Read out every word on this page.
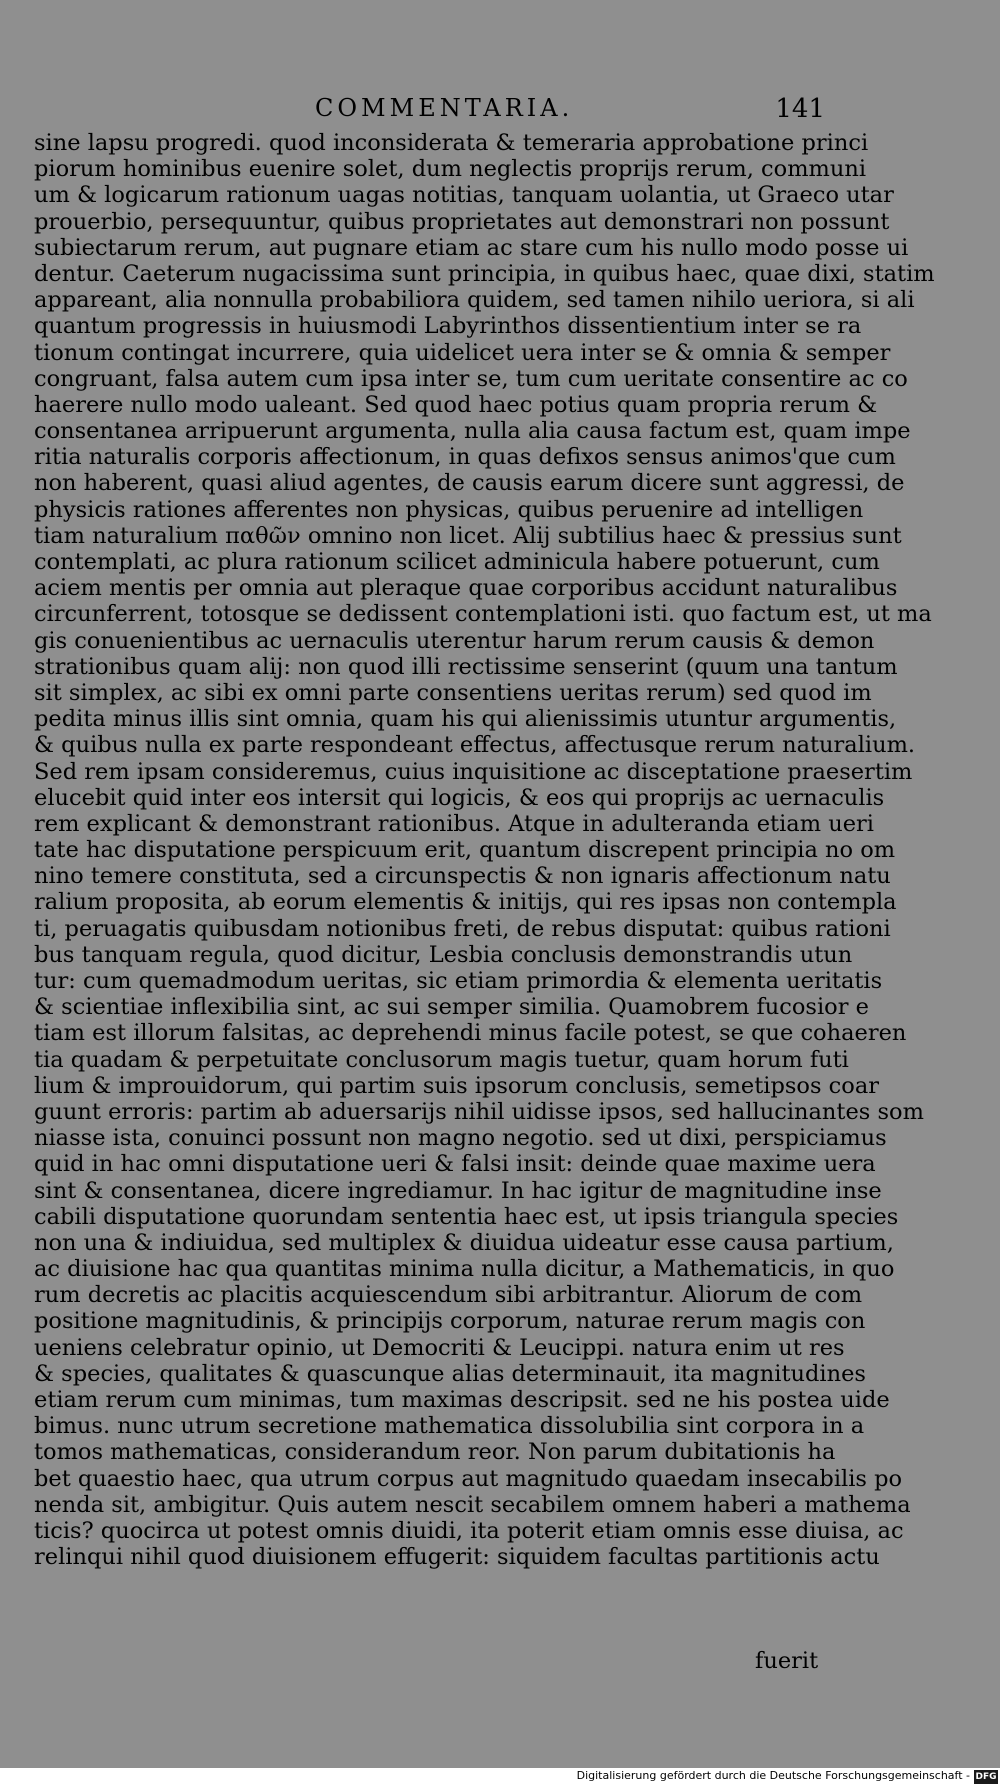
COMMENTARIA.	141
sine lapsu progredi. quod inconsiderata & temeraria approbatione princi
piorum hominibus euenire solet, dum neglectis proprijs rerum, communi
um & logicarum rationum uagas notitias, tanquam uolantia, ut Graeco utar
prouerbio, persequuntur, quibus proprietates aut demonstrari non possunt
subiectarum rerum, aut pugnare etiam ac stare cum his nullo modo posse ui
dentur. Caeterum nugacissima sunt principia, in quibus haec, quae dixi, statim
appareant, alia nonnulla probabiliora quidem, sed tamen nihilo ueriora, si ali
quantum progressis in huiusmodi Labyrinthos dissentientium inter se ra
tionum contingat incurrere, quia uidelicet uera inter se & omnia & semper
congruant, falsa autem cum ipsa inter se, tum cum ueritate consentire ac co
haerere nullo modo ualeant. Sed quod haec potius quam propria rerum &
consentanea arripuerunt argumenta, nulla alia causa factum est, quam impe
ritia naturalis corporis affectionum, in quas defixos sensus animos'que cum
non haberent, quasi aliud agentes, de causis earum dicere sunt aggressi, de
physicis rationes afferentes non physicas, quibus peruenire ad intelligen
tiam naturalium παθῶν omnino non licet. Alij subtilius haec & pressius sunt
contemplati, ac plura rationum scilicet adminicula habere potuerunt, cum
aciem mentis per omnia aut pleraque quae corporibus accidunt naturalibus
circunferrent, totosque se dedissent contemplationi isti. quo factum est, ut ma
gis conuenientibus ac uernaculis uterentur harum rerum causis & demon
strationibus quam alij: non quod illi rectissime senserint (quum una tantum
sit simplex, ac sibi ex omni parte consentiens ueritas rerum) sed quod im
pedita minus illis sint omnia, quam his qui alienissimis utuntur argumentis,
& quibus nulla ex parte respondeant effectus, affectusque rerum naturalium.
Sed rem ipsam consideremus, cuius inquisitione ac disceptatione praesertim
elucebit quid inter eos intersit qui logicis, & eos qui proprijs ac uernaculis
rem explicant & demonstrant rationibus. Atque in adulteranda etiam ueri
tate hac disputatione perspicuum erit, quantum discrepent principia no om
nino temere constituta, sed a circunspectis & non ignaris affectionum natu
ralium proposita, ab eorum elementis & initijs, qui res ipsas non contempla
ti, peruagatis quibusdam notionibus freti, de rebus disputat: quibus rationi
bus tanquam regula, quod dicitur, Lesbia conclusis demonstrandis utun
tur: cum quemadmodum ueritas, sic etiam primordia & elementa ueritatis
& scientiae inflexibilia sint, ac sui semper similia. Quamobrem fucosior e
tiam est illorum falsitas, ac deprehendi minus facile potest, se que cohaeren
tia quadam & perpetuitate conclusorum magis tuetur, quam horum futi
lium & improuidorum, qui partim suis ipsorum conclusis, semetipsos coar
guunt erroris: partim ab aduersarijs nihil uidisse ipsos, sed hallucinantes som
niasse ista, conuinci possunt non magno negotio. sed ut dixi, perspiciamus
quid in hac omni disputatione ueri & falsi insit: deinde quae maxime uera
sint & consentanea, dicere ingrediamur. In hac igitur de magnitudine inse
cabili disputatione quorundam sententia haec est, ut ipsis triangula species
non una & indiuidua, sed multiplex & diuidua uideatur esse causa partium,
ac diuisione hac qua quantitas minima nulla dicitur, a Mathematicis, in quo
rum decretis ac placitis acquiescendum sibi arbitrantur. Aliorum de com
positione magnitudinis, & principijs corporum, naturae rerum magis con
ueniens celebratur opinio, ut Democriti & Leucippi. natura enim ut res
& species, qualitates & quascunque alias determinauit, ita magnitudines
etiam rerum cum minimas, tum maximas descripsit. sed ne his postea uide
bimus. nunc utrum secretione mathematica dissolubilia sint corpora in a
tomos mathematicas, considerandum reor. Non parum dubitationis ha
bet quaestio haec, qua utrum corpus aut magnitudo quaedam insecabilis po
nenda sit, ambigitur. Quis autem nescit secabilem omnem haberi a mathema
ticis? quocirca ut potest omnis diuidi, ita poterit etiam omnis esse diuisa, ac
relinqui nihil quod diuisionem effugerit: siquidem facultas partitionis actu
fuerit
Digitalisierung gefördert durch die Deutsche Forschungsgemeinschaft - DFG
